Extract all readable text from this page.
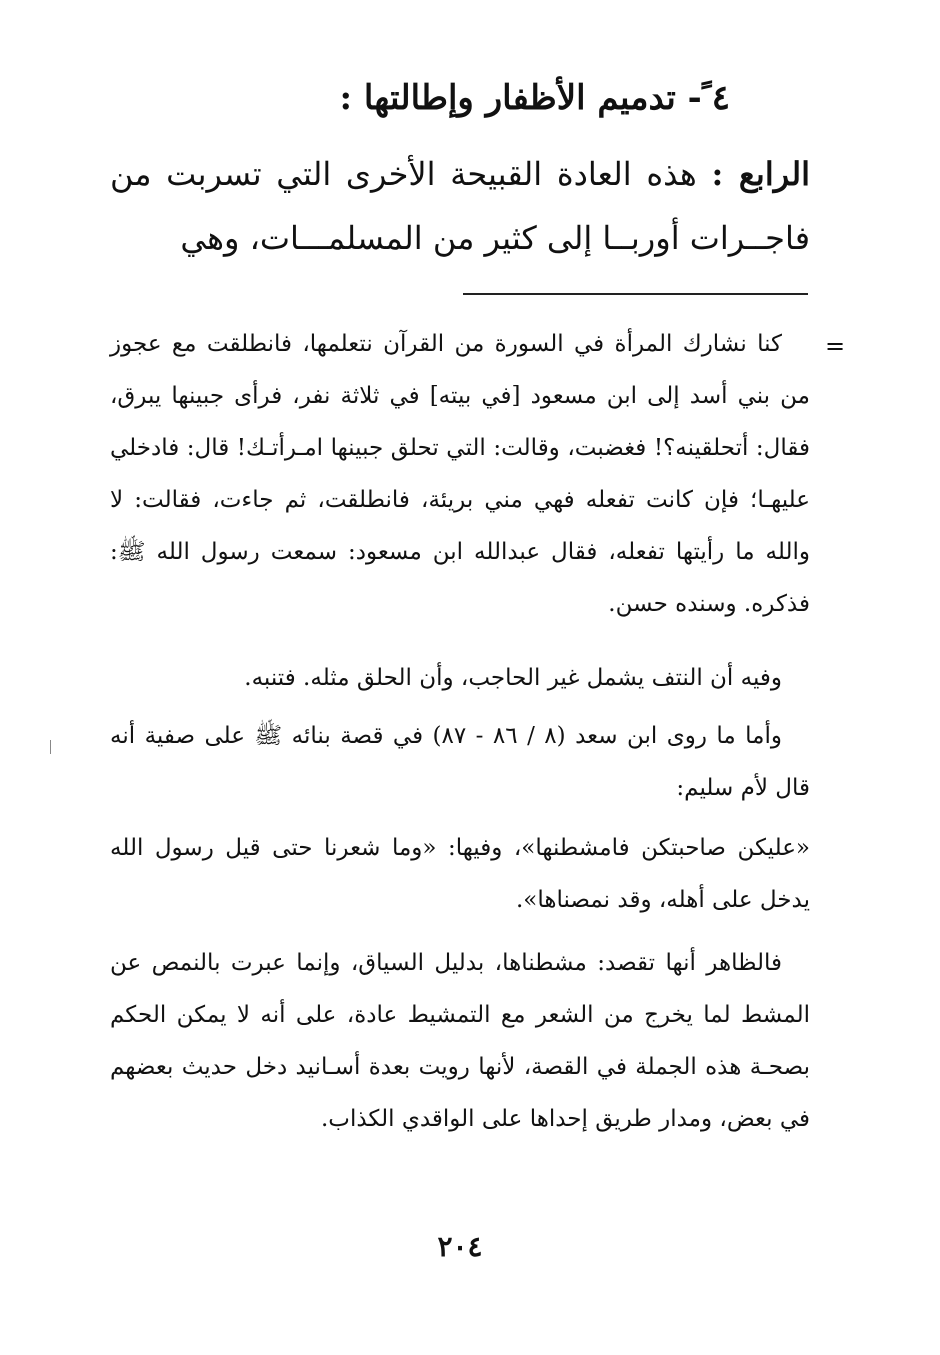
٤ ً- تدميم الأظفار وإطالتها :
الرابع : هذه العادة القبيحة الأخرى التي تسربت من فاجــرات أوربــا إلى كثير من المسلمـــات، وهي
كنا نشارك المرأة في السورة من القرآن نتعلمها، فانطلقت مع عجوز من بني أسد إلى ابن مسعود [في بيته] في ثلاثة نفر، فرأى جبينها يبرق، فقال: أتحلقينه؟! فغضبت، وقالت: التي تحلق جبينها امـرأتـك! قال: فادخلي عليهـا؛ فإن كانت تفعله فهي مني بريئة، فانطلقت، ثم جاءت، فقالت: لا والله ما رأيتها تفعله، فقال عبدالله ابن مسعود: سمعت رسول الله ﷺ: فذكره. وسنده حسن.
وفيه أن النتف يشمل غير الحاجب، وأن الحلق مثله. فتنبه.
وأما ما روى ابن سعد (٨ / ٨٦ - ٨٧) في قصة بنائه ﷺ على صفية أنه قال لأم سليم:
«عليكن صاحبتكن فامشطنها»، وفيها: «وما شعرنا حتى قيل رسول الله يدخل على أهله، وقد نمصناها».
فالظاهر أنها تقصد: مشطناها، بدليل السياق، وإنما عبرت بالنمص عن المشط لما يخرج من الشعر مع التمشيط عادة، على أنه لا يمكن الحكم بصحـة هذه الجملة في القصة، لأنها رويت بعدة أسـانيد دخل حديث بعضهم في بعض، ومدار طريق إحداها على الواقدي الكذاب.
٢٠٤
=
